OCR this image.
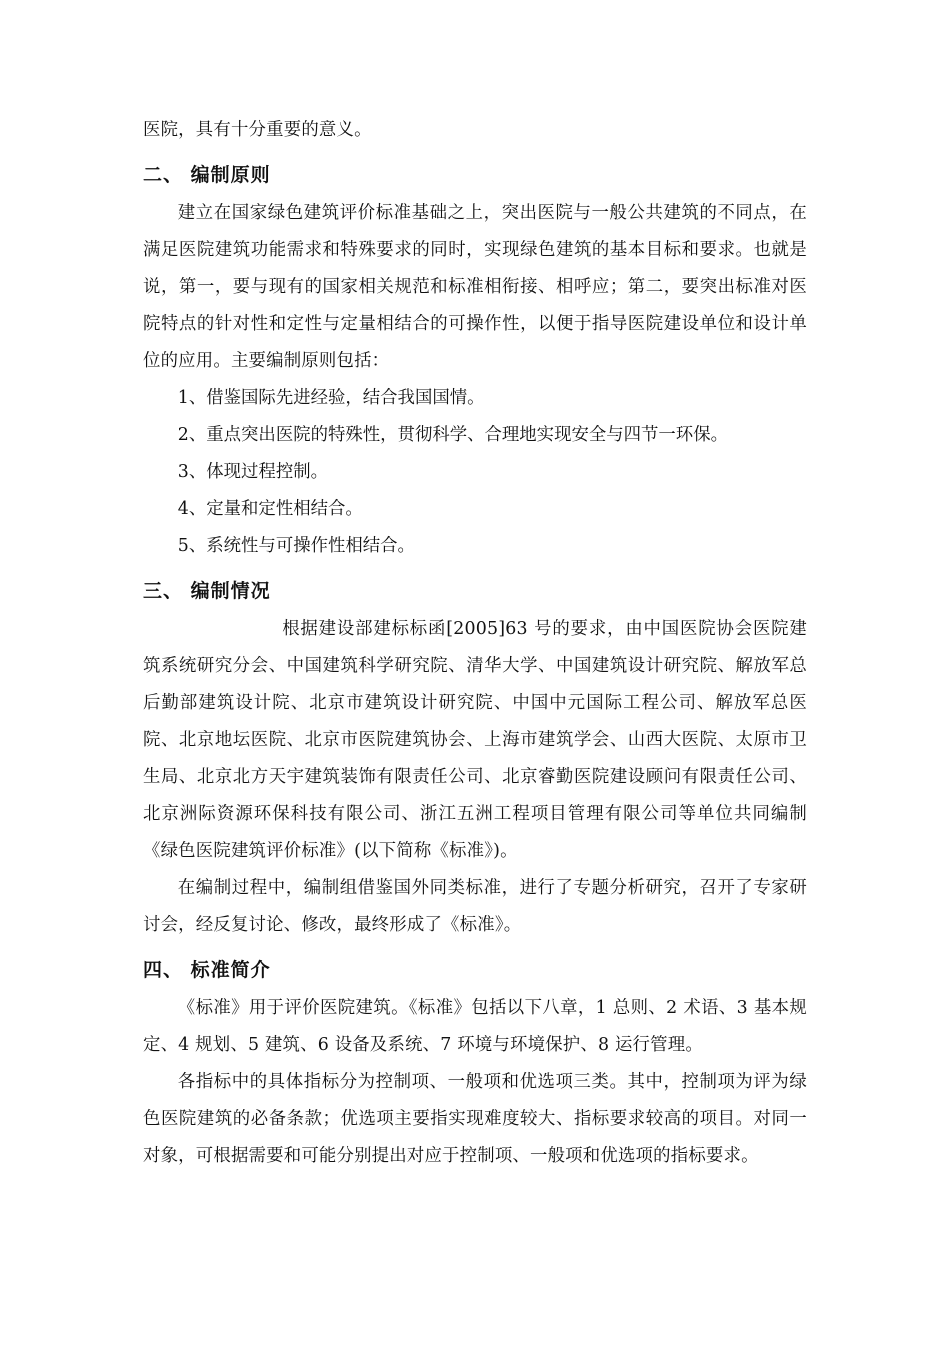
医院，具有十分重要的意义。

二、 编制原则

建立在国家绿色建筑评价标准基础之上，突出医院与一般公共建筑的不同点，在满足医院建筑功能需求和特殊要求的同时，实现绿色建筑的基本目标和要求。也就是说，第一，要与现有的国家相关规范和标准相衔接、相呼应；第二，要突出标准对医院特点的针对性和定性与定量相结合的可操作性，以便于指导医院建设单位和设计单位的应用。主要编制原则包括：

1、借鉴国际先进经验，结合我国国情。

2、重点突出医院的特殊性，贯彻科学、合理地实现安全与四节一环保。

3、体现过程控制。

4、定量和定性相结合。

5、系统性与可操作性相结合。

三、 编制情况

根据建设部建标标函[2005]63 号的要求，由中国医院协会医院建筑系统研究分会、中国建筑科学研究院、清华大学、中国建筑设计研究院、解放军总后勤部建筑设计院、北京市建筑设计研究院、中国中元国际工程公司、解放军总医院、北京地坛医院、北京市医院建筑协会、上海市建筑学会、山西大医院、太原市卫生局、北京北方天宇建筑装饰有限责任公司、北京睿勤医院建设顾问有限责任公司、北京洲际资源环保科技有限公司、浙江五洲工程项目管理有限公司等单位共同编制《绿色医院建筑评价标准》(以下简称《标准》)。

在编制过程中，编制组借鉴国外同类标准，进行了专题分析研究，召开了专家研讨会，经反复讨论、修改，最终形成了《标准》。

四、 标准简介

《标准》用于评价医院建筑。《标准》包括以下八章，1 总则、2 术语、3 基本规定、4 规划、5 建筑、6 设备及系统、7 环境与环境保护、8 运行管理。

各指标中的具体指标分为控制项、一般项和优选项三类。其中，控制项为评为绿色医院建筑的必备条款；优选项主要指实现难度较大、指标要求较高的项目。对同一对象，可根据需要和可能分别提出对应于控制项、一般项和优选项的指标要求。
